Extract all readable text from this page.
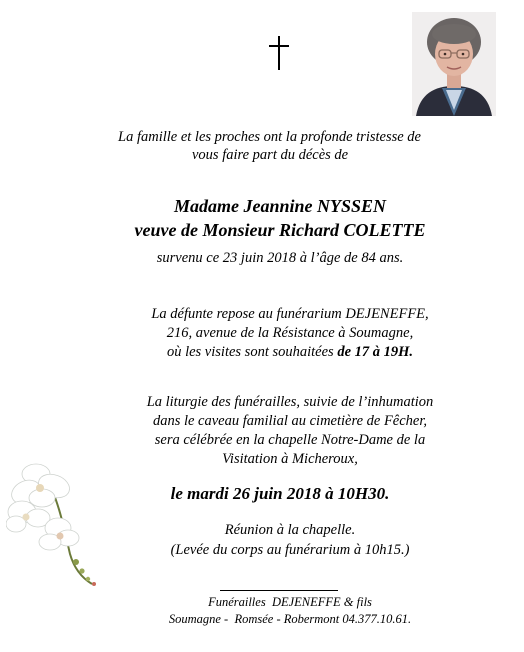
La famille et les proches ont la profonde tristesse de
vous faire part du décès de
Madame Jeannine NYSSEN
veuve de Monsieur Richard COLETTE
survenu ce 23 juin 2018 à l’âge de 84 ans.
La défunte repose au funérarium DEJENEFFE,
216, avenue de la Résistance à Soumagne,
où les visites sont souhaitées de 17 à 19H.
La liturgie des funérailles, suivie de l’inhumation
dans le caveau familial au cimetière de Fêcher,
sera célébrée en la chapelle Notre-Dame de la
Visitation à Micheroux,
le mardi 26 juin 2018 à 10H30.
Réunion à la chapelle.
(Levée du corps au funérarium à 10h15.)
Funérailles  DEJENEFFE & fils
Soumagne -  Romsée - Robermont 04.377.10.61.
